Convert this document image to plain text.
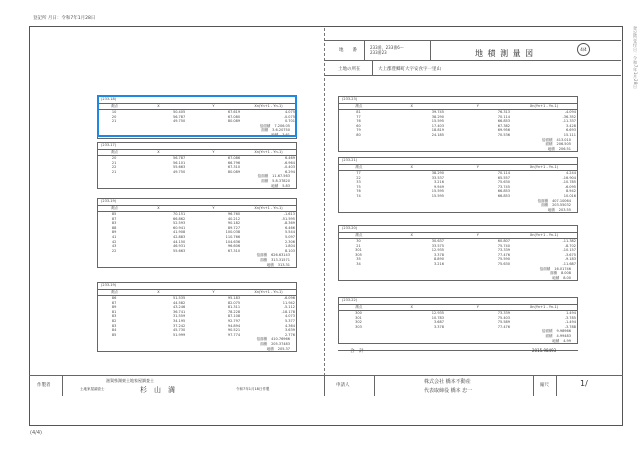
登記所 月日：令和7年1月28日
登記所受付日：令和7年1月28日
地　　番
233番、233番6〜
233番23	地 積 測 量 図	4/4
土地の所在	大上郡豊郷町大字安食字一里山
(233-18)
測点	X	Y	Xn(Yn+1 - Yn-1)
10	50.405	67.619	4.075
20	56.787	67.080	-0.075
21	49.750	80.089	0.701
倍面積 7.206.05
面積 3.6.20750
地積 3.61
(233-17)
測点	X	Y	Xn(Yn+1 - Yn-1)
20	56.787	67.086	6.469
21	56.101	66.796	-6.964
22	55.663	67.310	-0.403
21	49.750	80.089	6.294
倍面積 11.67.563
面積 5.8.37820
地積 5.83
(233-19)
測点	X	Y	Xn(Yn+1 - Yn-1)
85	70.151	96.760	-1.613
87	66.862	40.212	-51.595
83	52.593	90.182	-8.369
88	60.941	89.727	6.466
89	41.908	100.038	5.544
41	42.883	110.766	5.097
42	44.150	104.636	2.306
43	46.931	96.606	1.804
22	55.663	67.310	8.103
倍面積 626.63143
面積 313.31571
地積 313.31
(233-19)
測点	X	Y	Xn(Yn+1 - Yn-1)
86	51.535	95.183	-6.096
87	44.582	82.075	11.942
89	43.246	81.311	-5.112
81	36.741	78.228	-18.178
83	31.559	87.108	4.073
82	34.195	92.797	5.377
83	37.242	94.894	4.364
84	45.730	90.521	3.639
85	51.999	97.774	2.776
倍面積 410.76966
面積 205.37483
地積 205.37
(233-23)
測点	X	Y	Xn(Yn+1 - Yn-1)
81	39.745	76.313	-4.094
77	38.290	70.114	-36.352
76	15.595	66.853	-11.337
60	17.403	67.382	3.428
79	18.819	69.956	6.693
80	24.185	70.536	15.111
倍面積 413.010
面積 206.505
地積 206.51
(233-21)
測点	X	Y	Xn(Yn+1 - Yn-1)
77	38.290	70.114	4.244
22	33.537	65.557	-16.904
33	3.216	75.630	-10.785
75	9.949	73.745	-6.095
76	15.595	66.853	8.942
74	15.595	66.853	10.016
倍面積 407.10064
面積 203.55032
地積 203.55
(233-20)
測点	X	Y	Xn(Yn+1 - Yn-1)
30	30.637	60.807	-11.382
21	33.575	75.740	-8.702
301	12.935	73.339	-10.157
305	3.378	77.476	-3.675
35	8.890	75.590	-9.183
34	3.216	75.630	-11.687
倍面積 16.01746
面積 8.008
地積 8.00
(233-22)
測点	X	Y	Xn(Yn+1 - Yn-1)
300	12.935	73.339	1.494
301	10.783	75.403	-3.785
302	3.687	75.589	-1.494
303	3.378	77.476	-3.788
倍面積 9.98966
面積 4.99483
地積 4.99
合　計	2015.98493
作製者
滋賀県湖東土地家屋調査士
土地家屋調査士	杉　山　満	令和7年1月18日作製
申請人
株式会社 橋本不動産
代表取締役 橋本 忠一
縮尺	1/
(4/4)
